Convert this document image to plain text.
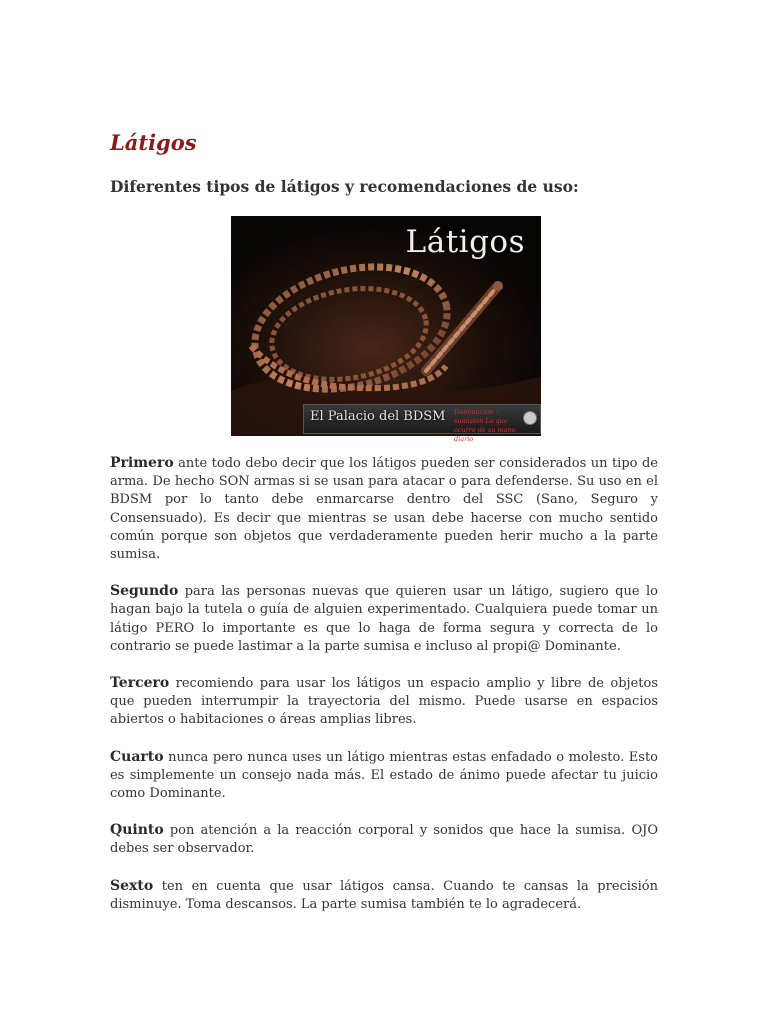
Látigos
Diferentes tipos de látigos y recomendaciones de uso:
Látigos
El Palacio del BDSM Dominación · sumisión Lo que ocurre de su mano diario

Primero ante todo debo decir que los látigos pueden ser considerados un tipo de arma. De hecho SON armas si se usan para atacar o para defenderse. Su uso en el BDSM por lo tanto debe enmarcarse dentro del SSC (Sano, Seguro y Consensuado). Es decir que mientras se usan debe hacerse con mucho sentido común porque son objetos que verdaderamente pueden herir mucho a la parte sumisa.

Segundo para las personas nuevas que quieren usar un látigo, sugiero que lo hagan bajo la tutela o guía de alguien experimentado. Cualquiera puede tomar un látigo PERO lo importante es que lo haga de forma segura y correcta de lo contrario se puede lastimar a la parte sumisa e incluso al propi@ Dominante.

Tercero recomiendo para usar los látigos un espacio amplio y libre de objetos que pueden interrumpir la trayectoria del mismo. Puede usarse en espacios abiertos o habitaciones o áreas amplias libres.

Cuarto nunca pero nunca uses un látigo mientras estas enfadado o molesto. Esto es simplemente un consejo nada más. El estado de ánimo puede afectar tu juicio como Dominante.

Quinto pon atención a la reacción corporal y sonidos que hace la sumisa. OJO debes ser observador.

Sexto ten en cuenta que usar látigos cansa. Cuando te cansas la precisión disminuye. Toma descansos. La parte sumisa también te lo agradecerá.
